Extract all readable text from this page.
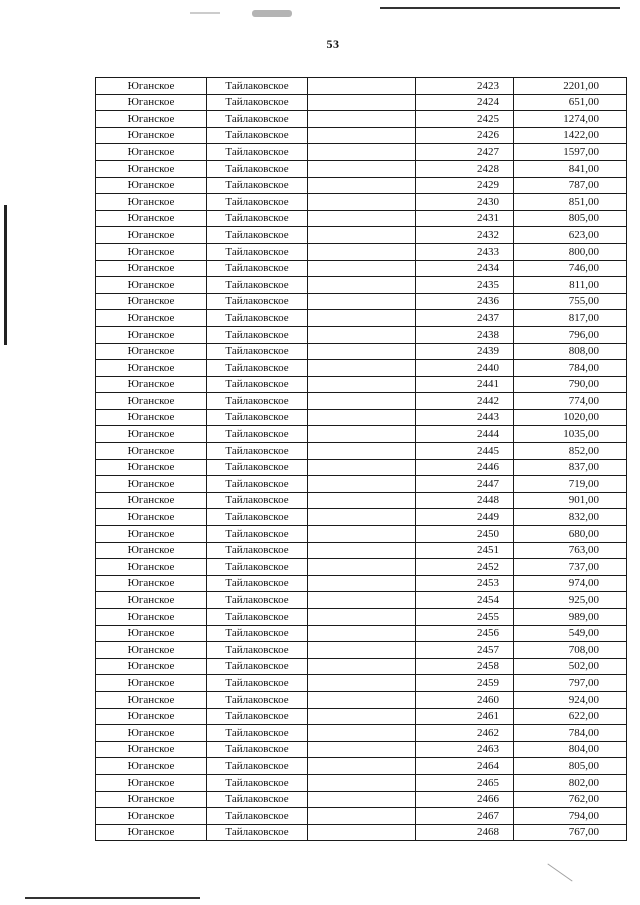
53
Юганское	Тайлаковское		2423	2201,00
Юганское	Тайлаковское		2424	651,00
Юганское	Тайлаковское		2425	1274,00
Юганское	Тайлаковское		2426	1422,00
Юганское	Тайлаковское		2427	1597,00
Юганское	Тайлаковское		2428	841,00
Юганское	Тайлаковское		2429	787,00
Юганское	Тайлаковское		2430	851,00
Юганское	Тайлаковское		2431	805,00
Юганское	Тайлаковское		2432	623,00
Юганское	Тайлаковское		2433	800,00
Юганское	Тайлаковское		2434	746,00
Юганское	Тайлаковское		2435	811,00
Юганское	Тайлаковское		2436	755,00
Юганское	Тайлаковское		2437	817,00
Юганское	Тайлаковское		2438	796,00
Юганское	Тайлаковское		2439	808,00
Юганское	Тайлаковское		2440	784,00
Юганское	Тайлаковское		2441	790,00
Юганское	Тайлаковское		2442	774,00
Юганское	Тайлаковское		2443	1020,00
Юганское	Тайлаковское		2444	1035,00
Юганское	Тайлаковское		2445	852,00
Юганское	Тайлаковское		2446	837,00
Юганское	Тайлаковское		2447	719,00
Юганское	Тайлаковское		2448	901,00
Юганское	Тайлаковское		2449	832,00
Юганское	Тайлаковское		2450	680,00
Юганское	Тайлаковское		2451	763,00
Юганское	Тайлаковское		2452	737,00
Юганское	Тайлаковское		2453	974,00
Юганское	Тайлаковское		2454	925,00
Юганское	Тайлаковское		2455	989,00
Юганское	Тайлаковское		2456	549,00
Юганское	Тайлаковское		2457	708,00
Юганское	Тайлаковское		2458	502,00
Юганское	Тайлаковское		2459	797,00
Юганское	Тайлаковское		2460	924,00
Юганское	Тайлаковское		2461	622,00
Юганское	Тайлаковское		2462	784,00
Юганское	Тайлаковское		2463	804,00
Юганское	Тайлаковское		2464	805,00
Юганское	Тайлаковское		2465	802,00
Юганское	Тайлаковское		2466	762,00
Юганское	Тайлаковское		2467	794,00
Юганское	Тайлаковское		2468	767,00
